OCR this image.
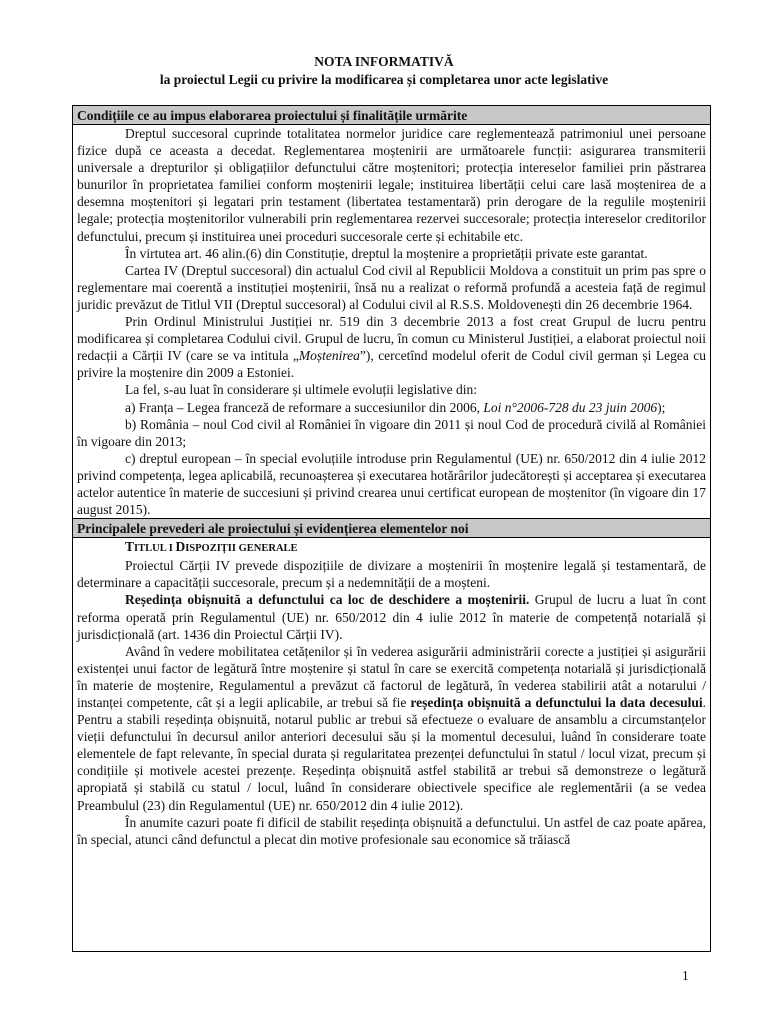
NOTA INFORMATIVĂ
la proiectul Legii cu privire la modificarea și completarea unor acte legislative
Condițiile ce au impus elaborarea proiectului și finalitățile urmărite

Dreptul succesoral cuprinde totalitatea normelor juridice care reglementează patrimoniul unei persoane fizice după ce aceasta a decedat. Reglementarea moștenirii are următoarele funcții: asigurarea transmiterii universale a drepturilor și obligațiilor defunctului către moștenitori; protecția intereselor familiei prin păstrarea bunurilor în proprietatea familiei conform moștenirii legale; instituirea libertății celui care lasă moștenirea de a desemna moștenitori și legatari prin testament (libertatea testamentară) prin derogare de la regulile moștenirii legale; protecția moștenitorilor vulnerabili prin reglementarea rezervei succesorale; protecția intereselor creditorilor defunctului, precum și instituirea unei proceduri succesorale certe și echitabile etc.

În virtutea art. 46 alin.(6) din Constituție, dreptul la moștenire a proprietății private este garantat.

Cartea IV (Dreptul succesoral) din actualul Cod civil al Republicii Moldova a constituit un prim pas spre o reglementare mai coerentă a instituției moștenirii, însă nu a realizat o reformă profundă a acesteia față de regimul juridic prevăzut de Titlul VII (Dreptul succesoral) al Codului civil al R.S.S. Moldovenești din 26 decembrie 1964.

Prin Ordinul Ministrului Justiției nr. 519 din 3 decembrie 2013 a fost creat Grupul de lucru pentru modificarea și completarea Codului civil. Grupul de lucru, în comun cu Ministerul Justiției, a elaborat proiectul noii redacții a Cărții IV (care se va intitula „Moștenirea”), cercetînd modelul oferit de Codul civil german și Legea cu privire la moștenire din 2009 a Estoniei.

La fel, s-au luat în considerare și ultimele evoluții legislative din:

a) Franța – Legea franceză de reformare a succesiunilor din 2006, Loi n°2006-728 du 23 juin 2006);

b) România – noul Cod civil al României în vigoare din 2011 și noul Cod de procedură civilă al României în vigoare din 2013;

c) dreptul european – în special evoluțiile introduse prin Regulamentul (UE) nr. 650/2012 din 4 iulie 2012 privind competența, legea aplicabilă, recunoașterea și executarea hotărârilor judecătorești și acceptarea și executarea actelor autentice în materie de succesiuni și privind crearea unui certificat european de moștenitor (în vigoare din 17 august 2015).

Principalele prevederi ale proiectului și evidențierea elementelor noi

TITLUL I DISPOZIȚII GENERALE

Proiectul Cărții IV prevede dispozițiile de divizare a moștenirii în moștenire legală și testamentară, de determinare a capacității succesorale, precum și a nedemnității de a moșteni.

Reședința obișnuită a defunctului ca loc de deschidere a moștenirii. Grupul de lucru a luat în cont reforma operată prin Regulamentul (UE) nr. 650/2012 din 4 iulie 2012 în materie de competență notarială și jurisdicțională (art. 1436 din Proiectul Cărții IV).

Având în vedere mobilitatea cetățenilor și în vederea asigurării administrării corecte a justiției și asigurării existenței unui factor de legătură între moștenire și statul în care se exercită competența notarială și jurisdicțională în materie de moștenire, Regulamentul a prevăzut că factorul de legătură, în vederea stabilirii atât a notarului / instanței competente, cât și a legii aplicabile, ar trebui să fie reședința obișnuită a defunctului la data decesului. Pentru a stabili reședința obișnuită, notarul public ar trebui să efectueze o evaluare de ansamblu a circumstanțelor vieții defunctului în decursul anilor anteriori decesului său și la momentul decesului, luând în considerare toate elementele de fapt relevante, în special durata și regularitatea prezenței defunctului în statul / locul vizat, precum și condițiile și motivele acestei prezențe. Reședința obișnuită astfel stabilită ar trebui să demonstreze o legătură apropiată și stabilă cu statul / locul, luând în considerare obiectivele specifice ale reglementării (a se vedea Preambulul (23) din Regulamentul (UE) nr. 650/2012 din 4 iulie 2012).

În anumite cazuri poate fi dificil de stabilit reședința obișnuită a defunctului. Un astfel de caz poate apărea, în special, atunci când defunctul a plecat din motive profesionale sau economice să trăiască

1
